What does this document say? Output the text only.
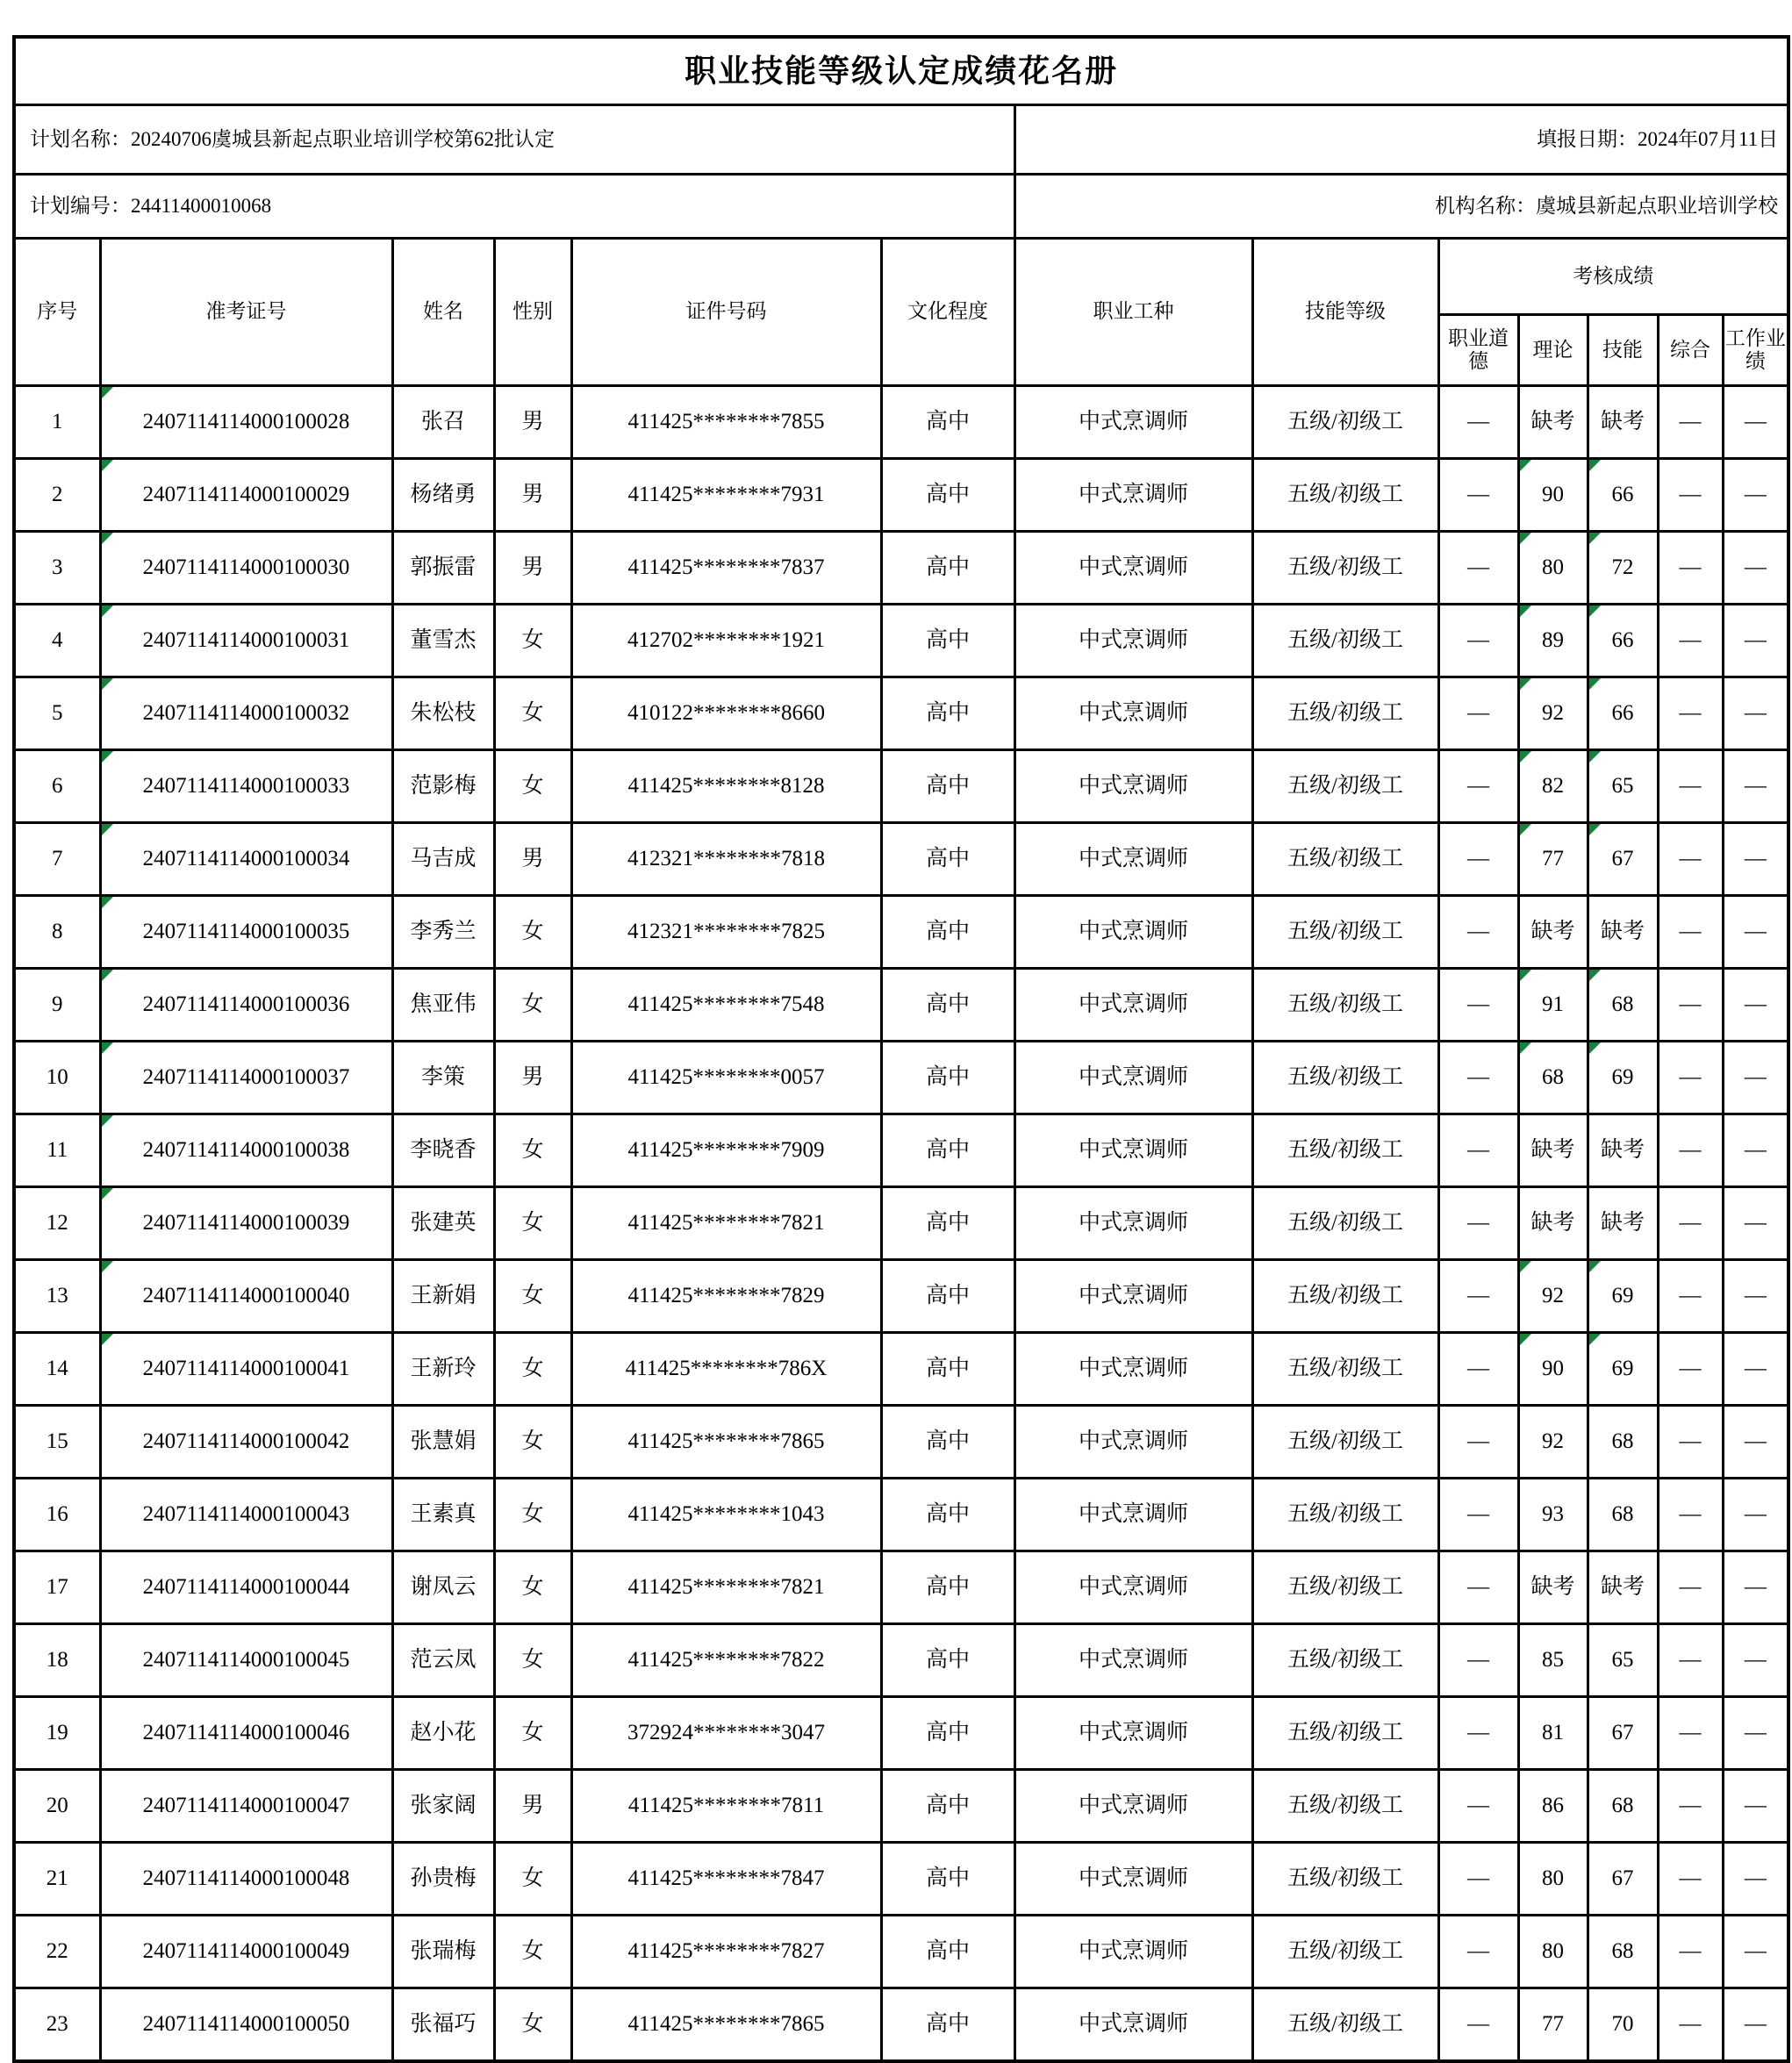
职业技能等级认定成绩花名册												
计划名称：20240706虞城县新起点职业培训学校第62批认定						填报日期：2024年07月11日						
计划编号：24411400010068						机构名称：虞城县新起点职业培训学校						
序号	准考证号	姓名	性别	证件号码	文化程度	职业工种	技能等级	考核成绩				
								职业道德	理论	技能	综合	工作业绩
1	2407114114000100028	张召	男	411425********7855	高中	中式烹调师	五级/初级工	—	缺考	缺考	—	—
2	2407114114000100029	杨绪勇	男	411425********7931	高中	中式烹调师	五级/初级工	—	90	66	—	—
3	2407114114000100030	郭振雷	男	411425********7837	高中	中式烹调师	五级/初级工	—	80	72	—	—
4	2407114114000100031	董雪杰	女	412702********1921	高中	中式烹调师	五级/初级工	—	89	66	—	—
5	2407114114000100032	朱松枝	女	410122********8660	高中	中式烹调师	五级/初级工	—	92	66	—	—
6	2407114114000100033	范影梅	女	411425********8128	高中	中式烹调师	五级/初级工	—	82	65	—	—
7	2407114114000100034	马吉成	男	412321********7818	高中	中式烹调师	五级/初级工	—	77	67	—	—
8	2407114114000100035	李秀兰	女	412321********7825	高中	中式烹调师	五级/初级工	—	缺考	缺考	—	—
9	2407114114000100036	焦亚伟	女	411425********7548	高中	中式烹调师	五级/初级工	—	91	68	—	—
10	2407114114000100037	李策	男	411425********0057	高中	中式烹调师	五级/初级工	—	68	69	—	—
11	2407114114000100038	李晓香	女	411425********7909	高中	中式烹调师	五级/初级工	—	缺考	缺考	—	—
12	2407114114000100039	张建英	女	411425********7821	高中	中式烹调师	五级/初级工	—	缺考	缺考	—	—
13	2407114114000100040	王新娟	女	411425********7829	高中	中式烹调师	五级/初级工	—	92	69	—	—
14	2407114114000100041	王新玲	女	411425********786X	高中	中式烹调师	五级/初级工	—	90	69	—	—
15	2407114114000100042	张慧娟	女	411425********7865	高中	中式烹调师	五级/初级工	—	92	68	—	—
16	2407114114000100043	王素真	女	411425********1043	高中	中式烹调师	五级/初级工	—	93	68	—	—
17	2407114114000100044	谢凤云	女	411425********7821	高中	中式烹调师	五级/初级工	—	缺考	缺考	—	—
18	2407114114000100045	范云凤	女	411425********7822	高中	中式烹调师	五级/初级工	—	85	65	—	—
19	2407114114000100046	赵小花	女	372924********3047	高中	中式烹调师	五级/初级工	—	81	67	—	—
20	2407114114000100047	张家阔	男	411425********7811	高中	中式烹调师	五级/初级工	—	86	68	—	—
21	2407114114000100048	孙贵梅	女	411425********7847	高中	中式烹调师	五级/初级工	—	80	67	—	—
22	2407114114000100049	张瑞梅	女	411425********7827	高中	中式烹调师	五级/初级工	—	80	68	—	—
23	2407114114000100050	张福巧	女	411425********7865	高中	中式烹调师	五级/初级工	—	77	70	—	—
